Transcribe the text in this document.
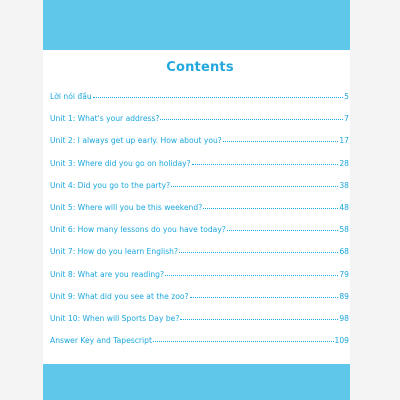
Contents
Lời nói đầu	5
Unit 1: What's your address?	7
Unit 2: I always get up early. How about you?	17
Unit 3: Where did you go on holiday?	28
Unit 4: Did you go to the party?	38
Unit 5: Where will you be this weekend?	48
Unit 6: How many lessons do you have today?	58
Unit 7: How do you learn English?	68
Unit 8: What are you reading?	79
Unit 9: What did you see at the zoo?	89
Unit 10: When will Sports Day be?	98
Answer Key and Tapescript	109
